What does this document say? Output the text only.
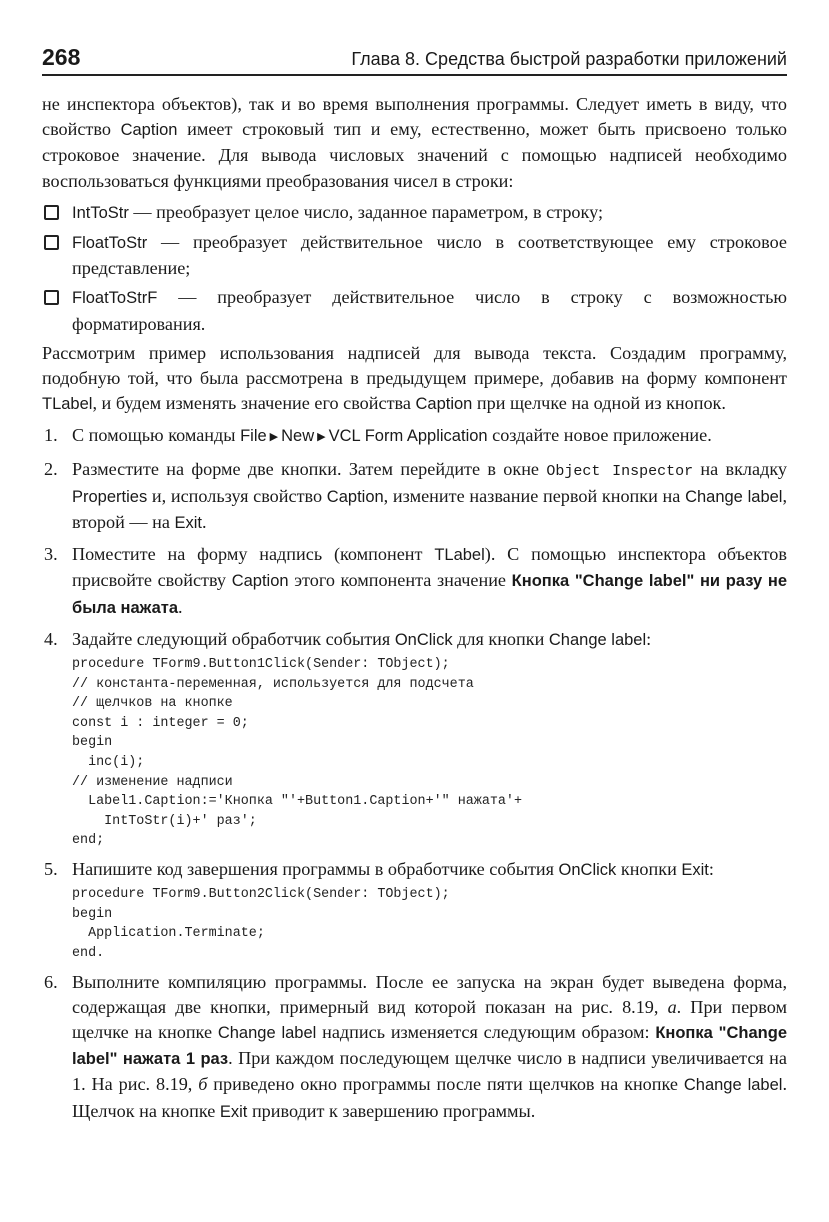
268	Глава 8. Средства быстрой разработки приложений

не инспектора объектов), так и во время выполнения программы. Следует иметь в виду, что свойство Caption имеет строковый тип и ему, естественно, может быть присвоено только строковое значение. Для вывода числовых значений с помощью надписей необходимо воспользоваться функциями преобразования чисел в строки:

IntToStr — преобразует целое число, заданное параметром, в строку;
FloatToStr — преобразует действительное число в соответствующее ему строковое представление;
FloatToStrF — преобразует действительное число в строку с возможностью форматирования.

Рассмотрим пример использования надписей для вывода текста. Создадим программу, подобную той, что была рассмотрена в предыдущем примере, добавив на форму компонент TLabel, и будем изменять значение его свойства Caption при щелчке на одной из кнопок.

1. С помощью команды File ▶ New ▶ VCL Form Application создайте новое приложение.
2. Разместите на форме две кнопки. Затем перейдите в окне Object Inspector на вкладку Properties и, используя свойство Caption, измените название первой кнопки на Change label, второй — на Exit.
3. Поместите на форму надпись (компонент TLabel). С помощью инспектора объектов присвойте свойству Caption этого компонента значение Кнопка "Change label" ни разу не была нажата.
4. Задайте следующий обработчик события OnClick для кнопки Change label:
procedure TForm9.Button1Click(Sender: TObject);
// константа-переменная, используется для подсчета
// щелчков на кнопке
const i : integer = 0;
begin
inc(i);
// изменение надписи
Label1.Caption:='Кнопка "'+Button1.Caption+'" нажата'+
IntToStr(i)+' раз';
end;
5. Напишите код завершения программы в обработчике события OnClick кнопки Exit:
procedure TForm9.Button2Click(Sender: TObject);
begin
Application.Terminate;
end.
6. Выполните компиляцию программы. После ее запуска на экран будет выведена форма, содержащая две кнопки, примерный вид которой показан на рис. 8.19, а. При первом щелчке на кнопке Change label надпись изменяется следующим образом: Кнопка "Change label" нажата 1 раз. При каждом последующем щелчке число в надписи увеличивается на 1. На рис. 8.19, б приведено окно программы после пяти щелчков на кнопке Change label. Щелчок на кнопке Exit приводит к завершению программы.
